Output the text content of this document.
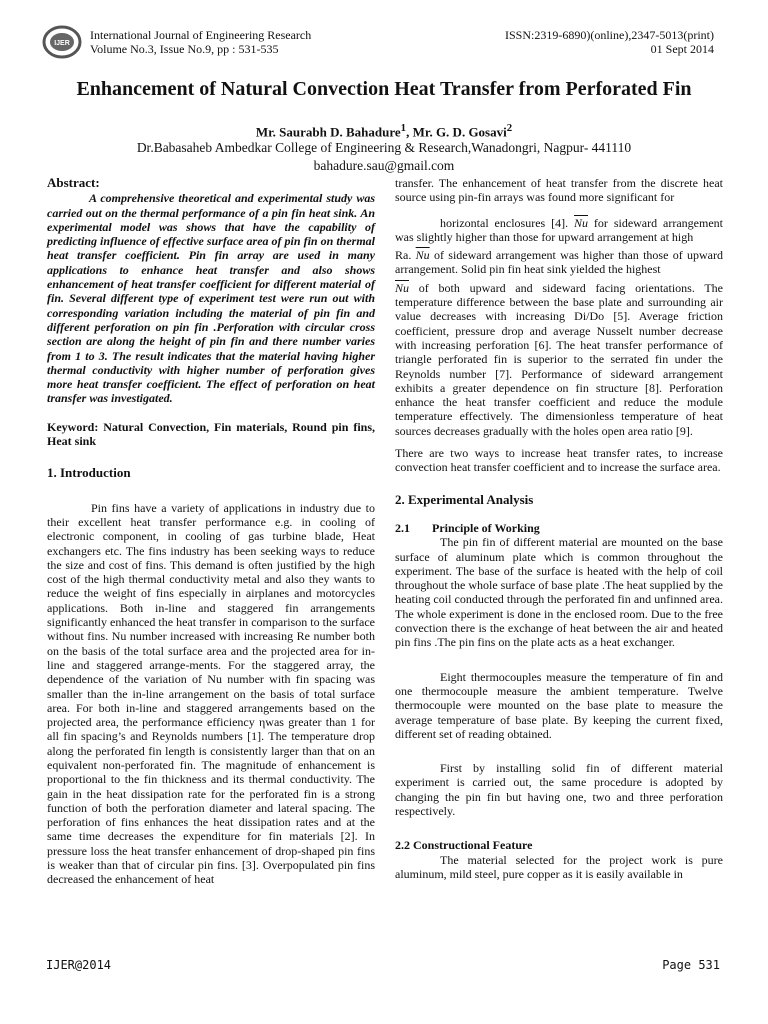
IJER
International Journal of Engineering Research
Volume No.3, Issue No.9, pp : 531-535
ISSN:2319-6890)(online),2347-5013(print)
01 Sept 2014
Enhancement of Natural Convection Heat Transfer from Perforated Fin
Mr. Saurabh D. Bahadure$^1$, Mr. G. D. Gosavi$^2$
Dr.Babasaheb Ambedkar College of Engineering & Research,Wanadongri, Nagpur- 441110
bahadure.sau@gmail.com
Abstract:

A comprehensive theoretical and experimental study was carried out on the thermal performance of a pin fin heat sink. An experimental model was shows that have the capability of predicting influence of effective surface area of pin fin on thermal heat transfer coefficient. Pin fin array are used in many applications to enhance heat transfer and also shows enhancement of heat transfer coefficient for different material of fin. Several different type of experiment test were run out with corresponding variation including the material of pin fin and different perforation on pin fin .Perforation with circular cross section are along the height of pin fin and there number varies from 1 to 3. The result indicates that the material having higher thermal conductivity with higher number of perforation gives more heat transfer coefficient. The effect of perforation on heat transfer was investigated.

Keyword: Natural Convection, Fin materials, Round pin fins, Heat sink

1. Introduction

Pin fins have a variety of applications in industry due to their excellent heat transfer performance e.g. in cooling of electronic component, in cooling of gas turbine blade, Heat exchangers etc. The fins industry has been seeking ways to reduce the size and cost of fins. This demand is often justified by the high cost of the high thermal conductivity metal and also they wants to reduce the weight of fins especially in airplanes and motorcycles applications. Both in-line and staggered fin arrangements significantly enhanced the heat transfer in comparison to the surface without fins. Nu number increased with increasing Re number both on the basis of the total surface area and the projected area for in-line and staggered arrange-ments. For the staggered array, the dependence of the variation of Nu number with fin spacing was smaller than the in-line arrangement on the basis of total surface area. For both in-line and staggered arrangements based on the projected area, the performance efficiency ηwas greater than 1 for all fin spacing’s and Reynolds numbers [1]. The temperature drop along the perforated fin length is consistently larger than that on an equivalent non-perforated fin. The magnitude of enhancement is proportional to the fin thickness and its thermal conductivity. The gain in the heat dissipation rate for the perforated fin is a strong function of both the perforation diameter and lateral spacing. The perforation of fins enhances the heat dissipation rates and at the same time decreases the expenditure for fin materials [2]. In pressure loss the heat transfer enhancement of drop-shaped pin fins is weaker than that of circular pin fins. [3]. Overpopulated pin fins decreased the enhancement of heat

transfer. The enhancement of heat transfer from the discrete heat source using pin-fin arrays was found more significant for

horizontal enclosures [4]. $\overline{Nu}$ for sideward arrangement was slightly higher than those for upward arrangement at high

Ra. $\overline{Nu}$ of sideward arrangement was higher than those of upward arrangement. Solid pin fin heat sink yielded the highest

$\overline{Nu}$ of both upward and sideward facing orientations. The temperature difference between the base plate and surrounding air value decreases with increasing Di/Do [5]. Average friction coefficient, pressure drop and average Nusselt number decrease with increasing perforation [6]. The heat transfer performance of triangle perforated fin is superior to the serrated fin under the Reynolds number [7]. Performance of sideward arrangement exhibits a greater dependence on fin structure [8]. Perforation enhance the heat transfer coefficient and reduce the module temperature effectively. The dimensionless temperature of heat sources decreases gradually with the holes open area ratio [9].

There are two ways to increase heat transfer rates, to increase convection heat transfer coefficient and to increase the surface area.

2. Experimental Analysis
2.1 Principle of Working

The pin fin of different material are mounted on the base surface of aluminum plate which is common throughout the experiment. The base of the surface is heated with the help of coil throughout the whole surface of base plate .The heat supplied by the heating coil conducted through the perforated fin and unfinned area. The whole experiment is done in the enclosed room. Due to the free convection there is the exchange of heat between the air and heated pin fins .The pin fins on the plate acts as a heat exchanger.

Eight thermocouples measure the temperature of fin and one thermocouple measure the ambient temperature. Twelve thermocouple were mounted on the base plate to measure the average temperature of base plate. By keeping the current fixed, different set of reading obtained.

First by installing solid fin of different material experiment is carried out, the same procedure is adopted by changing the pin fin but having one, two and three perforation respectively.

2.2 Constructional Feature

The material selected for the project work is pure aluminum, mild steel, pure copper as it is easily available in

IJER@2014	Page 531
